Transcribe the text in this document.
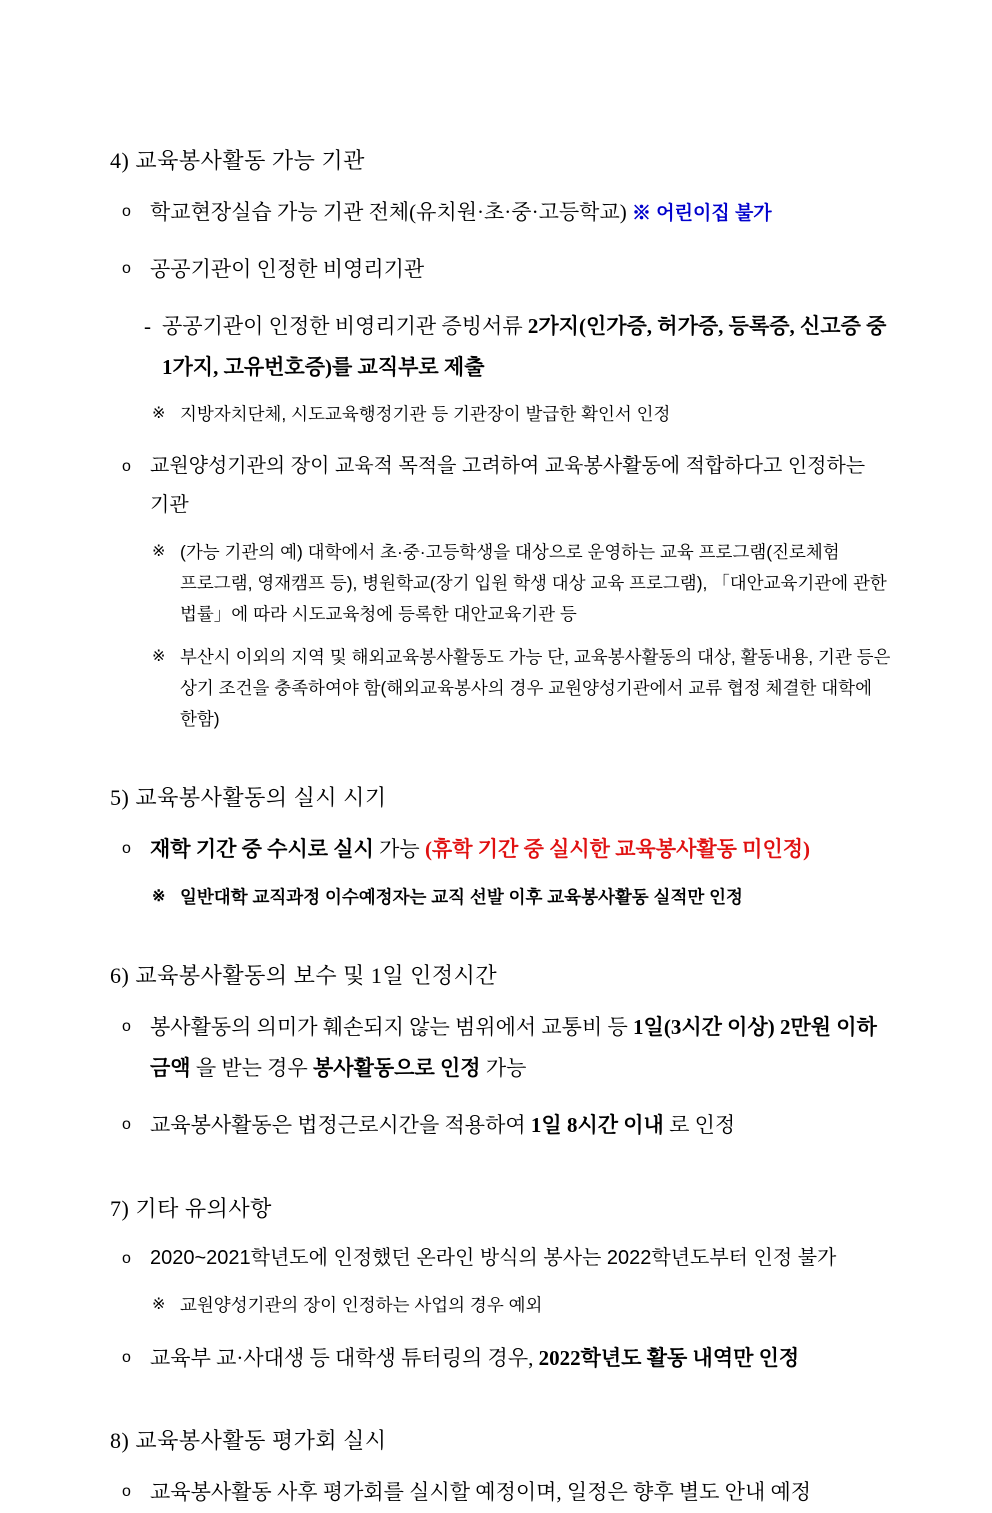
4) 교육봉사활동 가능 기관
o 학교현장실습 가능 기관 전체(유치원·초·중·고등학교) ※ 어린이집 불가
o 공공기관이 인정한 비영리기관
- 공공기관이 인정한 비영리기관 증빙서류 2가지(인가증, 허가증, 등록증, 신고증 중 1가지, 고유번호증)를 교직부로 제출
※ 지방자치단체, 시도교육행정기관 등 기관장이 발급한 확인서 인정
o 교원양성기관의 장이 교육적 목적을 고려하여 교육봉사활동에 적합하다고 인정하는 기관
※ (가능 기관의 예) 대학에서 초·중·고등학생을 대상으로 운영하는 교육 프로그램(진로체험 프로그램, 영재캠프 등), 병원학교(장기 입원 학생 대상 교육 프로그램), 「대안교육기관에 관한 법률」에 따라 시도교육청에 등록한 대안교육기관 등
※ 부산시 이외의 지역 및 해외교육봉사활동도 가능 단, 교육봉사활동의 대상, 활동내용, 기관 등은 상기 조건을 충족하여야 함(해외교육봉사의 경우 교원양성기관에서 교류 협정 체결한 대학에 한함)
5) 교육봉사활동의 실시 시기
o 재학 기간 중 수시로 실시 가능 (휴학 기간 중 실시한 교육봉사활동 미인정)
※ 일반대학 교직과정 이수예정자는 교직 선발 이후 교육봉사활동 실적만 인정
6) 교육봉사활동의 보수 및 1일 인정시간
o 봉사활동의 의미가 훼손되지 않는 범위에서 교통비 등 1일(3시간 이상) 2만원 이하 금액 을 받는 경우 봉사활동으로 인정 가능
o 교육봉사활동은 법정근로시간을 적용하여 1일 8시간 이내 로 인정
7) 기타 유의사항
o 2020~2021학년도에 인정했던 온라인 방식의 봉사는 2022학년도부터 인정 불가
※ 교원양성기관의 장이 인정하는 사업의 경우 예외
o 교육부 교·사대생 등 대학생 튜터링의 경우, 2022학년도 활동 내역만 인정
8) 교육봉사활동 평가회 실시
o 교육봉사활동 사후 평가회를 실시할 예정이며, 일정은 향후 별도 안내 예정
